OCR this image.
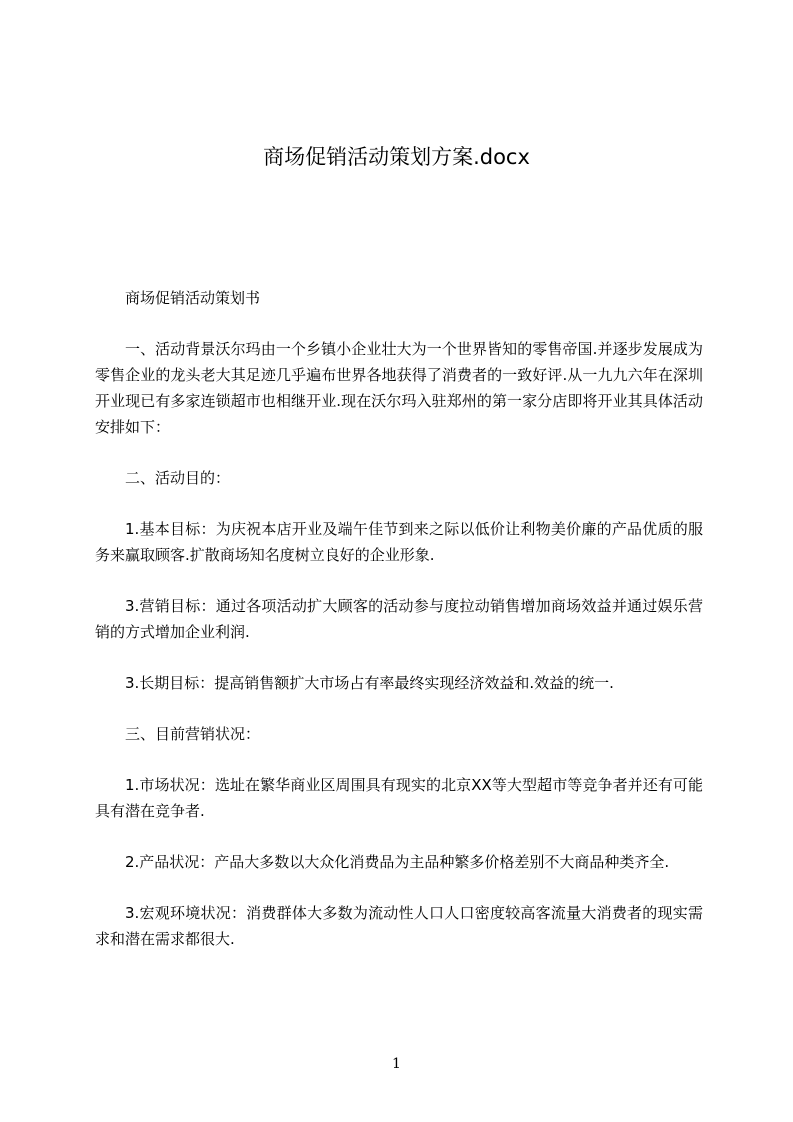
商场促销活动策划方案.docx

商场促销活动策划书

一、活动背景沃尔玛由一个乡镇小企业壮大为一个世界皆知的零售帝国.并逐步发展成为零售企业的龙头老大其足迹几乎遍布世界各地获得了消费者的一致好评.从一九九六年在深圳开业现已有多家连锁超市也相继开业.现在沃尔玛入驻郑州的第一家分店即将开业其具体活动安排如下：

二、活动目的：

1.基本目标：为庆祝本店开业及端午佳节到来之际以低价让利物美价廉的产品优质的服务来赢取顾客.扩散商场知名度树立良好的企业形象.

3.营销目标：通过各项活动扩大顾客的活动参与度拉动销售增加商场效益并通过娱乐营销的方式增加企业利润.

3.长期目标：提高销售额扩大市场占有率最终实现经济效益和.效益的统一.

三、目前营销状况：

1.市场状况：选址在繁华商业区周围具有现实的北京XX等大型超市等竞争者并还有可能具有潜在竞争者.

2.产品状况：产品大多数以大众化消费品为主品种繁多价格差别不大商品种类齐全.

3.宏观环境状况：消费群体大多数为流动性人口人口密度较高客流量大消费者的现实需求和潜在需求都很大.

1
